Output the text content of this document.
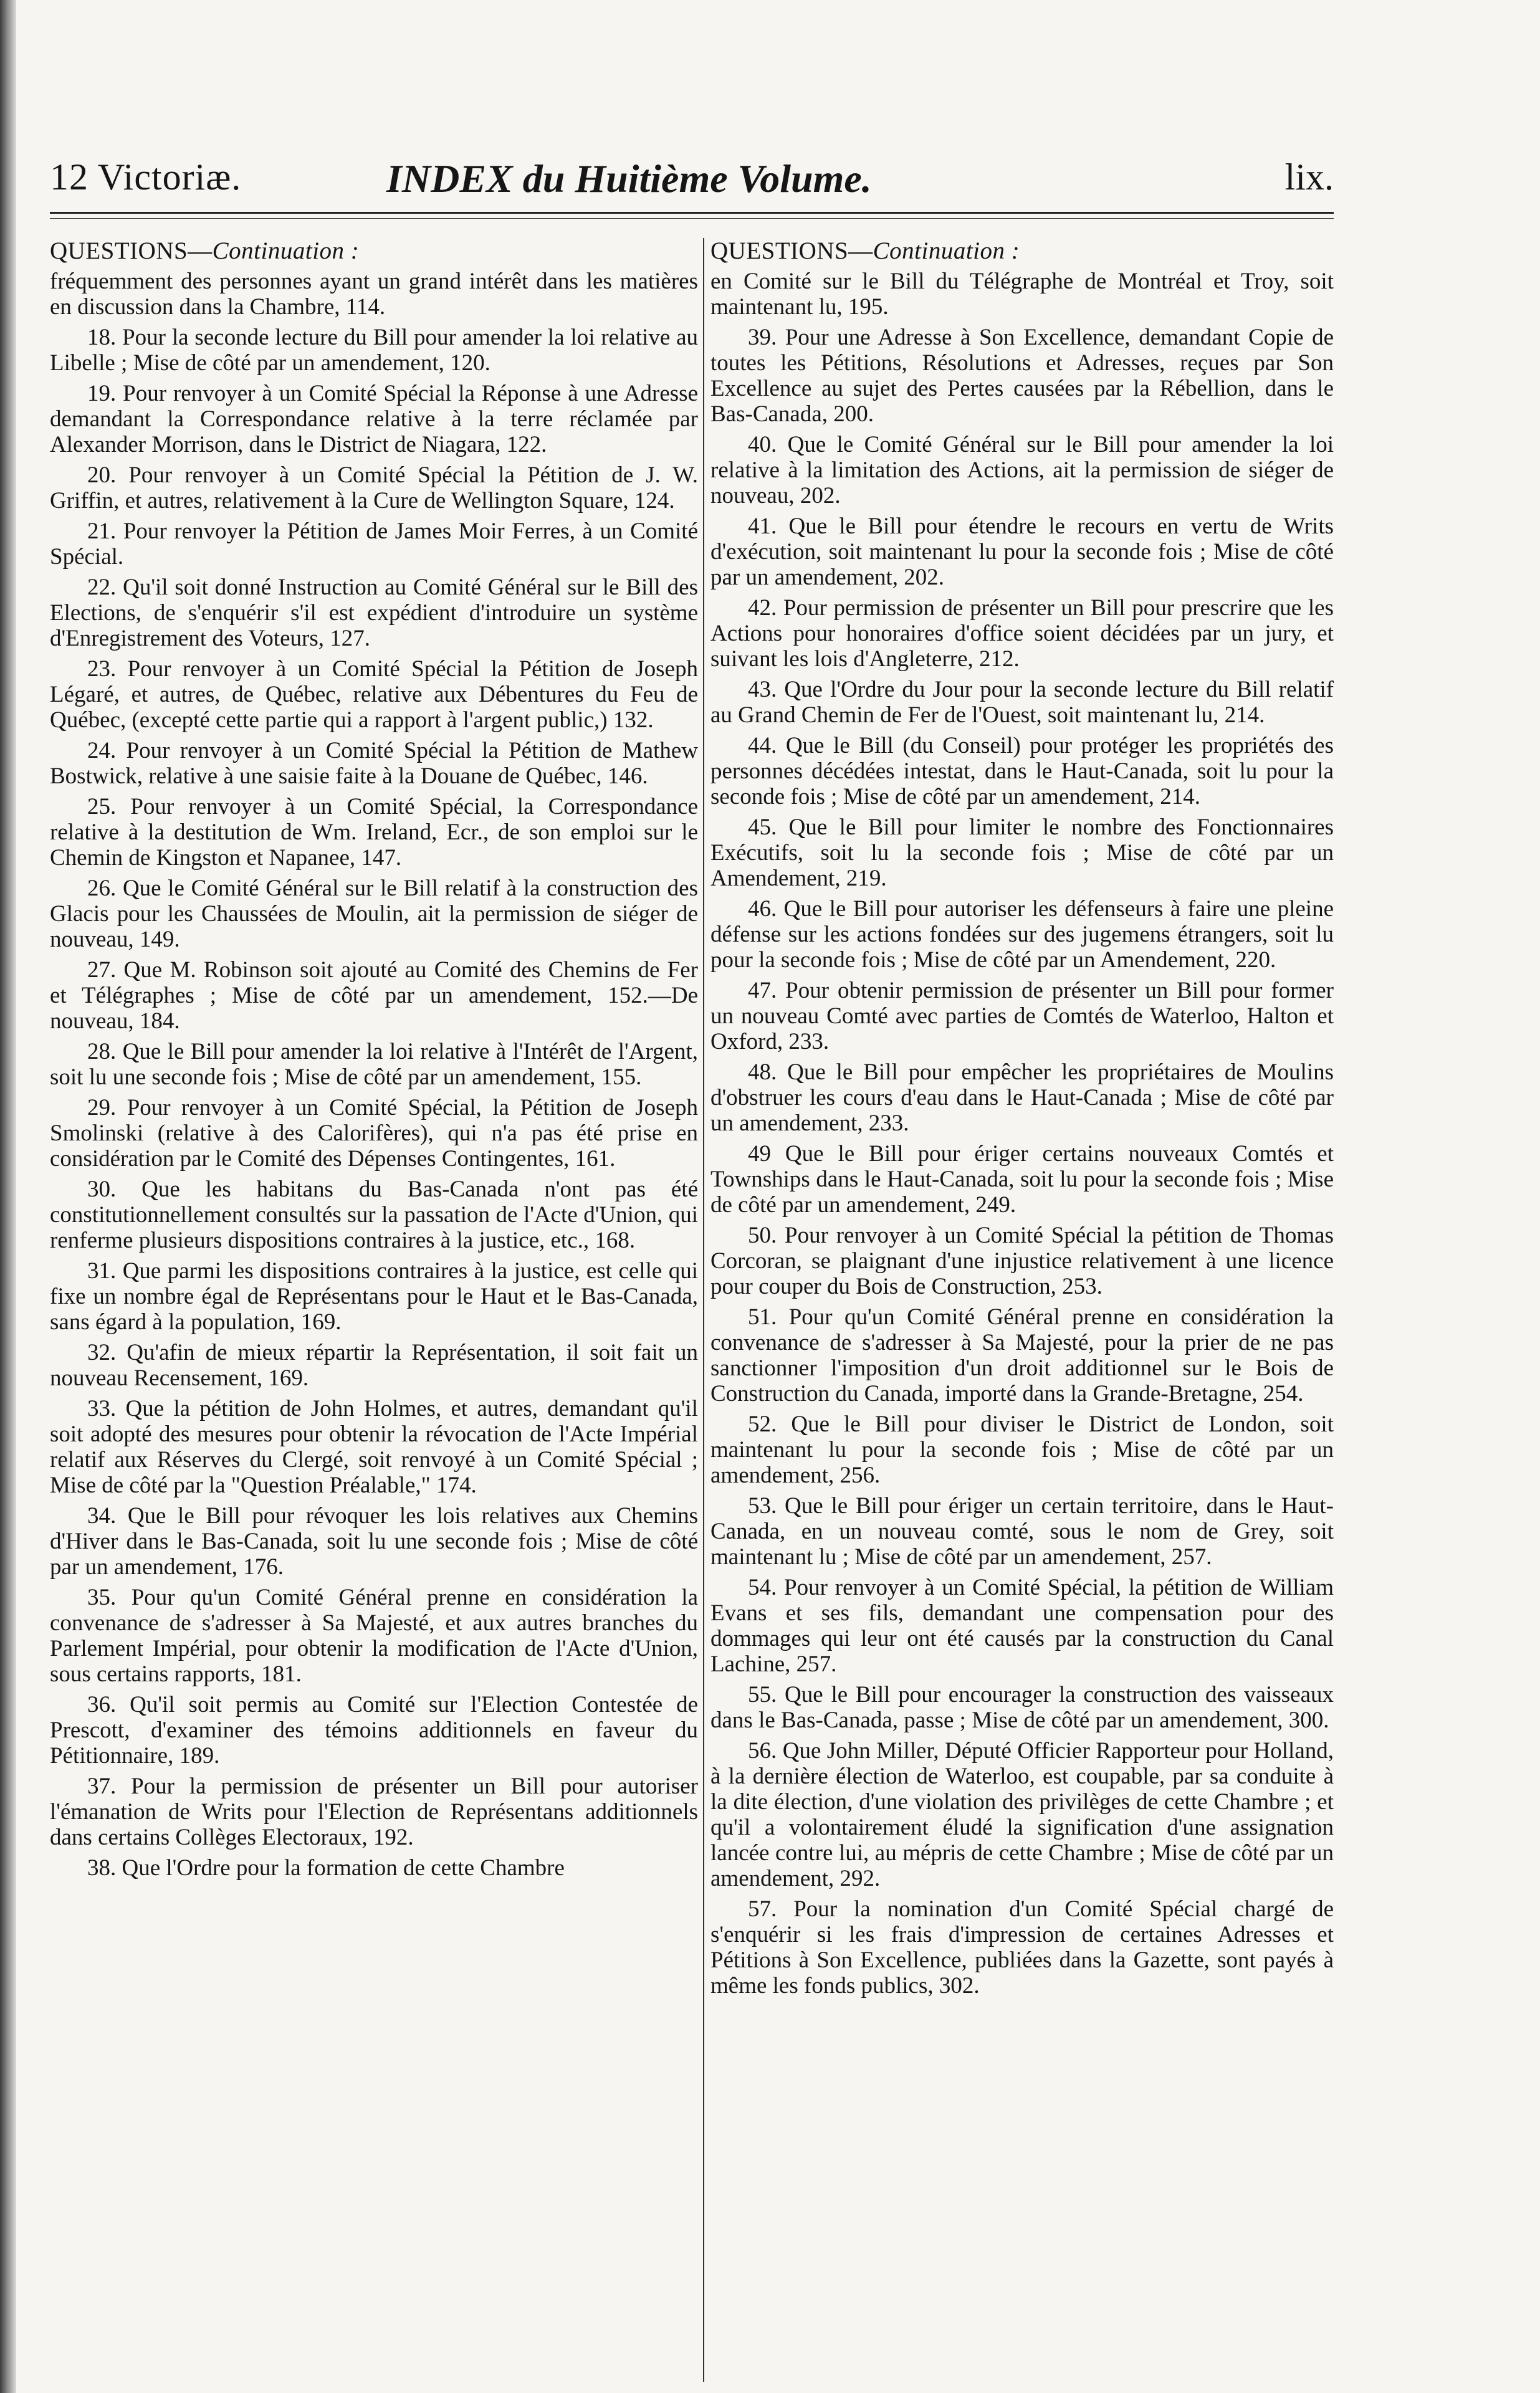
12 Victoriæ.	INDEX du Huitième Volume.	lix.
QUESTIONS—Continuation :

fréquemment des personnes ayant un grand intérêt dans les matières en discussion dans la Chambre, 114.

18. Pour la seconde lecture du Bill pour amender la loi relative au Libelle ; Mise de côté par un amendement, 120.

19. Pour renvoyer à un Comité Spécial la Réponse à une Adresse demandant la Correspondance relative à la terre réclamée par Alexander Morrison, dans le District de Niagara, 122.

20. Pour renvoyer à un Comité Spécial la Pétition de J. W. Griffin, et autres, relativement à la Cure de Wellington Square, 124.

21. Pour renvoyer la Pétition de James Moir Ferres, à un Comité Spécial.

22. Qu'il soit donné Instruction au Comité Général sur le Bill des Elections, de s'enquérir s'il est expédient d'introduire un système d'Enregistrement des Voteurs, 127.

23. Pour renvoyer à un Comité Spécial la Pétition de Joseph Légaré, et autres, de Québec, relative aux Débentures du Feu de Québec, (excepté cette partie qui a rapport à l'argent public,) 132.

24. Pour renvoyer à un Comité Spécial la Pétition de Mathew Bostwick, relative à une saisie faite à la Douane de Québec, 146.

25. Pour renvoyer à un Comité Spécial, la Correspondance relative à la destitution de Wm. Ireland, Ecr., de son emploi sur le Chemin de Kingston et Napanee, 147.

26. Que le Comité Général sur le Bill relatif à la construction des Glacis pour les Chaussées de Moulin, ait la permission de siéger de nouveau, 149.

27. Que M. Robinson soit ajouté au Comité des Chemins de Fer et Télégraphes ; Mise de côté par un amendement, 152.—De nouveau, 184.

28. Que le Bill pour amender la loi relative à l'Intérêt de l'Argent, soit lu une seconde fois ; Mise de côté par un amendement, 155.

29. Pour renvoyer à un Comité Spécial, la Pétition de Joseph Smolinski (relative à des Calorifères), qui n'a pas été prise en considération par le Comité des Dépenses Contingentes, 161.

30. Que les habitans du Bas-Canada n'ont pas été constitutionnellement consultés sur la passation de l'Acte d'Union, qui renferme plusieurs dispositions contraires à la justice, etc., 168.

31. Que parmi les dispositions contraires à la justice, est celle qui fixe un nombre égal de Représentans pour le Haut et le Bas-Canada, sans égard à la population, 169.

32. Qu'afin de mieux répartir la Représentation, il soit fait un nouveau Recensement, 169.

33. Que la pétition de John Holmes, et autres, demandant qu'il soit adopté des mesures pour obtenir la révocation de l'Acte Impérial relatif aux Réserves du Clergé, soit renvoyé à un Comité Spécial ; Mise de côté par la "Question Préalable," 174.

34. Que le Bill pour révoquer les lois relatives aux Chemins d'Hiver dans le Bas-Canada, soit lu une seconde fois ; Mise de côté par un amendement, 176.

35. Pour qu'un Comité Général prenne en considération la convenance de s'adresser à Sa Majesté, et aux autres branches du Parlement Impérial, pour obtenir la modification de l'Acte d'Union, sous certains rapports, 181.

36. Qu'il soit permis au Comité sur l'Election Contestée de Prescott, d'examiner des témoins additionnels en faveur du Pétitionnaire, 189.

37. Pour la permission de présenter un Bill pour autoriser l'émanation de Writs pour l'Election de Représentans additionnels dans certains Collèges Electoraux, 192.

38. Que l'Ordre pour la formation de cette Chambre

QUESTIONS—Continuation :

en Comité sur le Bill du Télégraphe de Montréal et Troy, soit maintenant lu, 195.

39. Pour une Adresse à Son Excellence, demandant Copie de toutes les Pétitions, Résolutions et Adresses, reçues par Son Excellence au sujet des Pertes causées par la Rébellion, dans le Bas-Canada, 200.

40. Que le Comité Général sur le Bill pour amender la loi relative à la limitation des Actions, ait la permission de siéger de nouveau, 202.

41. Que le Bill pour étendre le recours en vertu de Writs d'exécution, soit maintenant lu pour la seconde fois ; Mise de côté par un amendement, 202.

42. Pour permission de présenter un Bill pour prescrire que les Actions pour honoraires d'office soient décidées par un jury, et suivant les lois d'Angleterre, 212.

43. Que l'Ordre du Jour pour la seconde lecture du Bill relatif au Grand Chemin de Fer de l'Ouest, soit maintenant lu, 214.

44. Que le Bill (du Conseil) pour protéger les propriétés des personnes décédées intestat, dans le Haut-Canada, soit lu pour la seconde fois ; Mise de côté par un amendement, 214.

45. Que le Bill pour limiter le nombre des Fonctionnaires Exécutifs, soit lu la seconde fois ; Mise de côté par un Amendement, 219.

46. Que le Bill pour autoriser les défenseurs à faire une pleine défense sur les actions fondées sur des jugemens étrangers, soit lu pour la seconde fois ; Mise de côté par un Amendement, 220.

47. Pour obtenir permission de présenter un Bill pour former un nouveau Comté avec parties de Comtés de Waterloo, Halton et Oxford, 233.

48. Que le Bill pour empêcher les propriétaires de Moulins d'obstruer les cours d'eau dans le Haut-Canada ; Mise de côté par un amendement, 233.

49 Que le Bill pour ériger certains nouveaux Comtés et Townships dans le Haut-Canada, soit lu pour la seconde fois ; Mise de côté par un amendement, 249.

50. Pour renvoyer à un Comité Spécial la pétition de Thomas Corcoran, se plaignant d'une injustice relativement à une licence pour couper du Bois de Construction, 253.

51. Pour qu'un Comité Général prenne en considération la convenance de s'adresser à Sa Majesté, pour la prier de ne pas sanctionner l'imposition d'un droit additionnel sur le Bois de Construction du Canada, importé dans la Grande-Bretagne, 254.

52. Que le Bill pour diviser le District de London, soit maintenant lu pour la seconde fois ; Mise de côté par un amendement, 256.

53. Que le Bill pour ériger un certain territoire, dans le Haut-Canada, en un nouveau comté, sous le nom de Grey, soit maintenant lu ; Mise de côté par un amendement, 257.

54. Pour renvoyer à un Comité Spécial, la pétition de William Evans et ses fils, demandant une compensation pour des dommages qui leur ont été causés par la construction du Canal Lachine, 257.

55. Que le Bill pour encourager la construction des vaisseaux dans le Bas-Canada, passe ; Mise de côté par un amendement, 300.

56. Que John Miller, Député Officier Rapporteur pour Holland, à la dernière élection de Waterloo, est coupable, par sa conduite à la dite élection, d'une violation des privilèges de cette Chambre ; et qu'il a volontairement éludé la signification d'une assignation lancée contre lui, au mépris de cette Chambre ; Mise de côté par un amendement, 292.

57. Pour la nomination d'un Comité Spécial chargé de s'enquérir si les frais d'impression de certaines Adresses et Pétitions à Son Excellence, publiées dans la Gazette, sont payés à même les fonds publics, 302.
